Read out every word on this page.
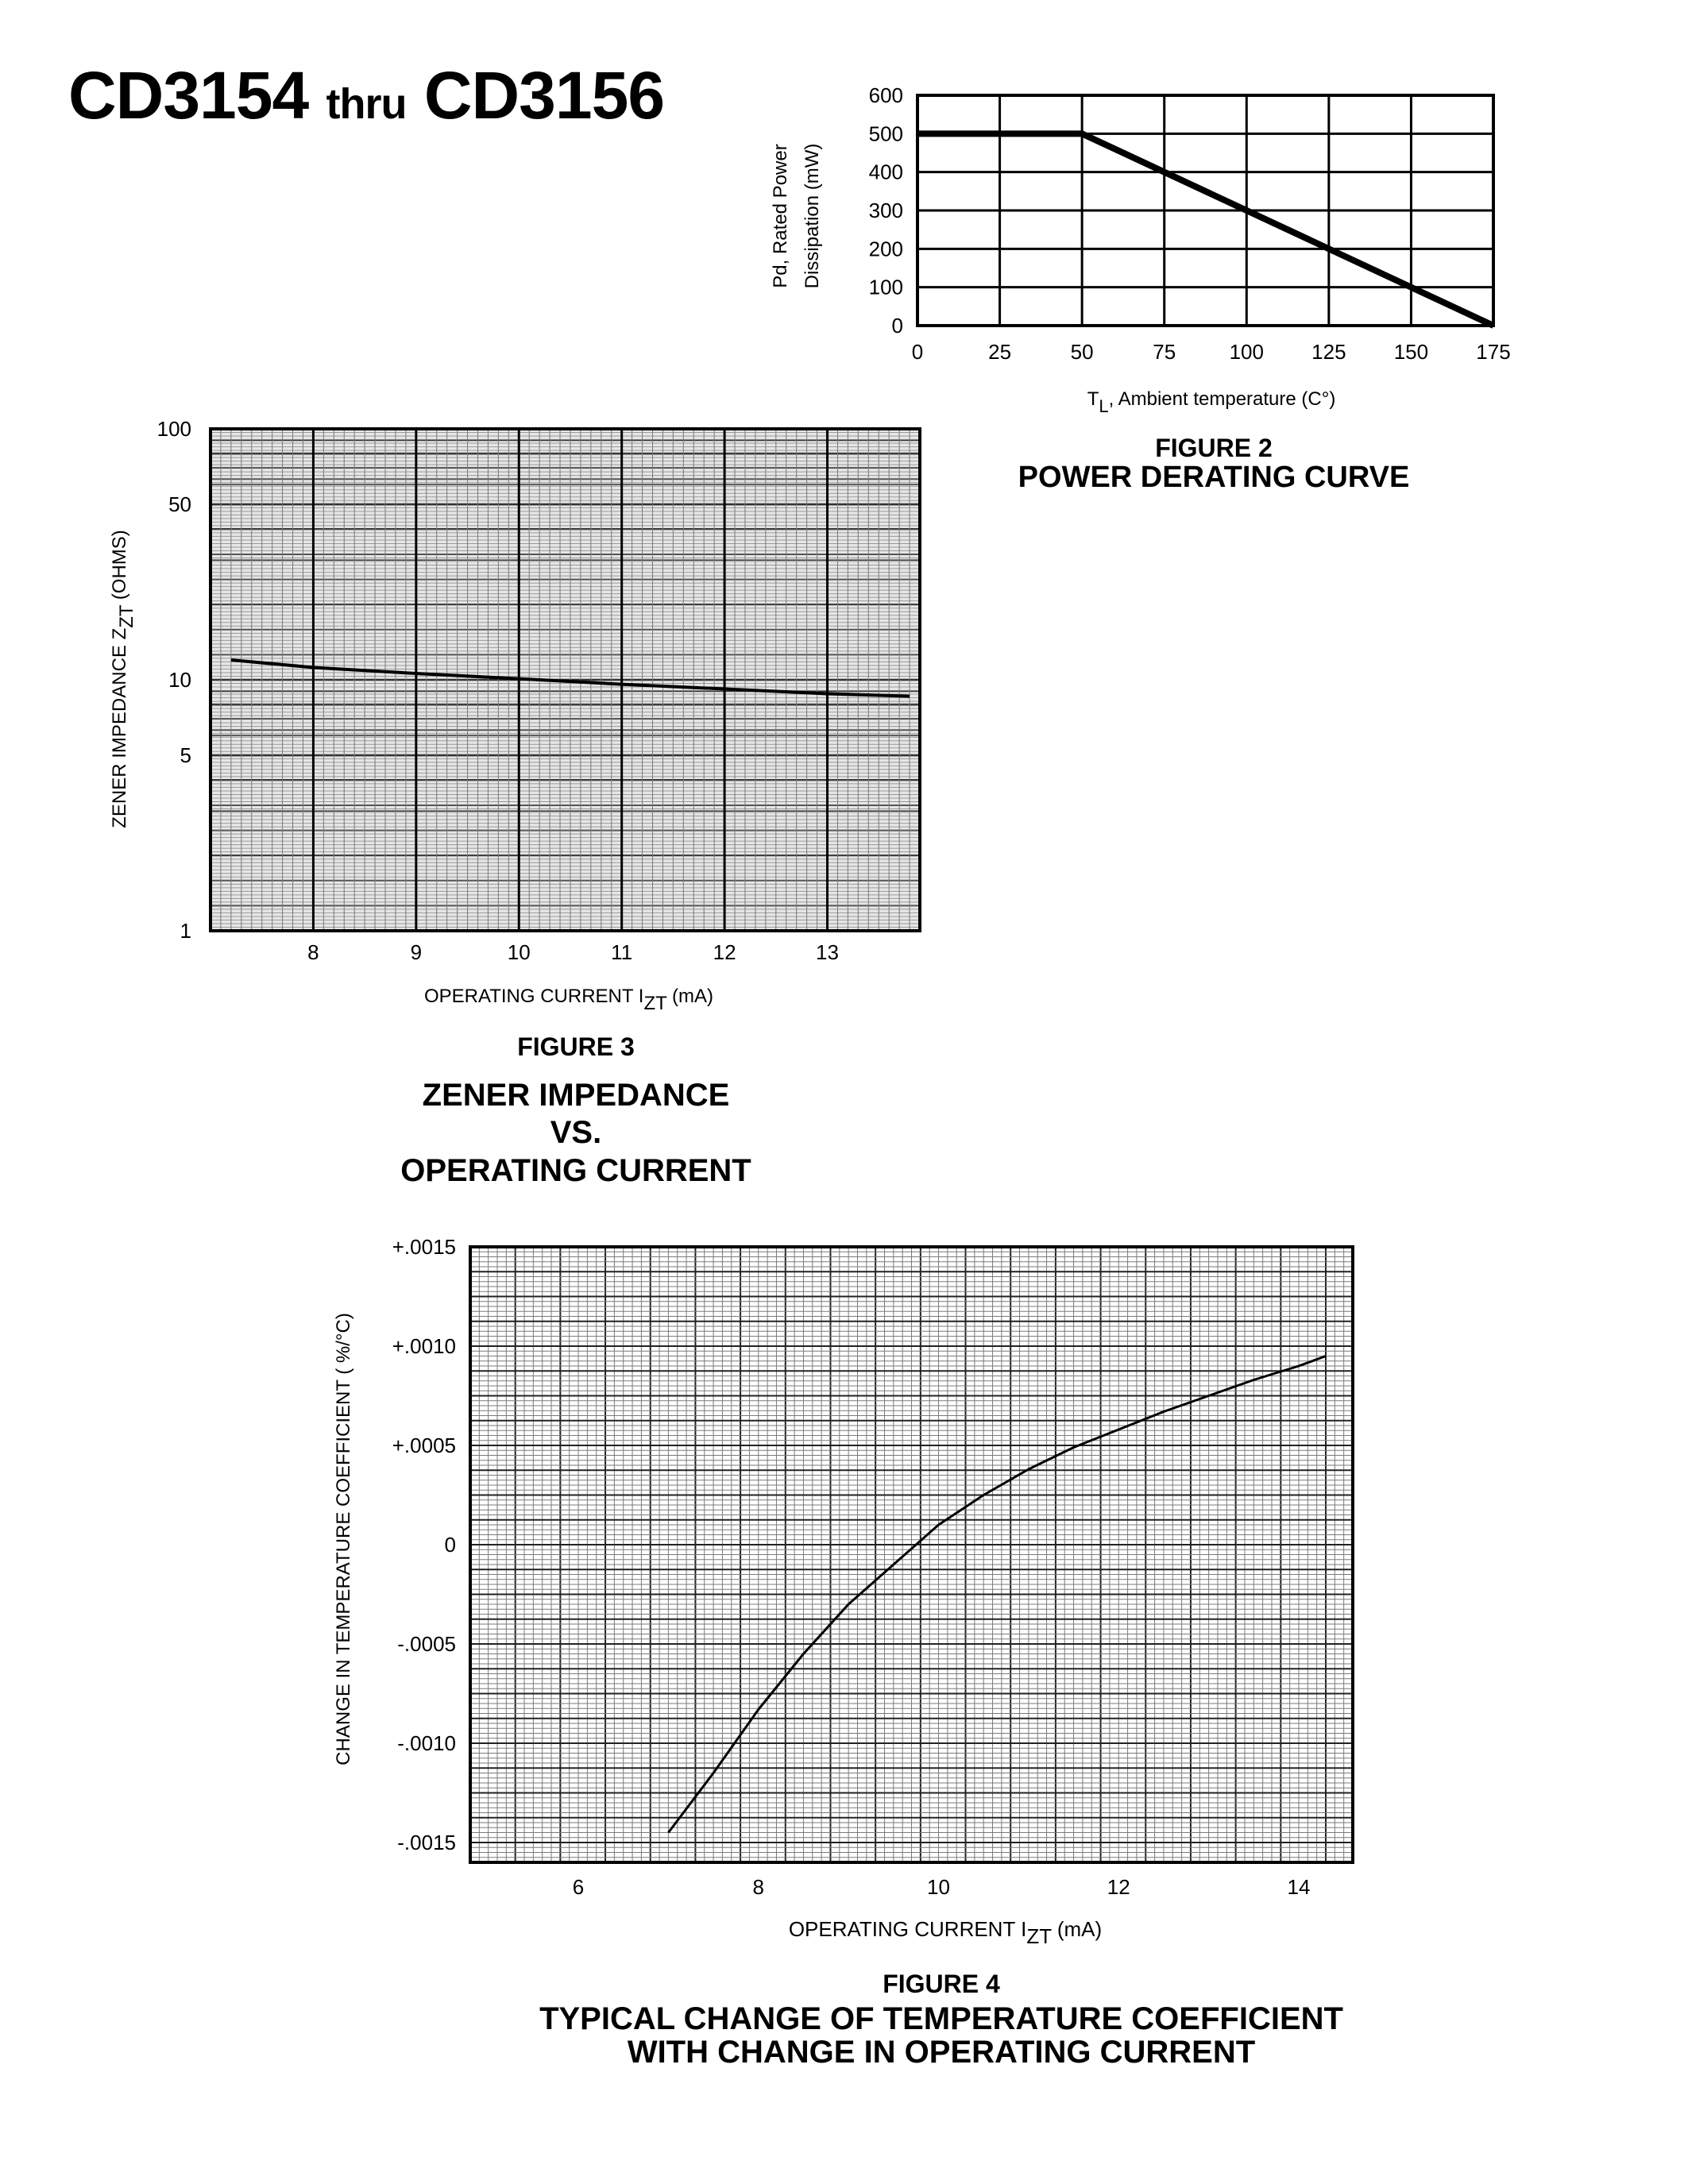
CD3154 thru CD3156
0	25	50	75	100 125 150 175
0
100
200
300
400
500
600
Pd, Rated Power Dissipation (mW)
TL, Ambient temperature (C°)
FIGURE 2
POWER DERATING CURVE
8	9	10	11	12	13
1
5
10
50
100
ZENER IMPEDANCE ZZT (OHMS)
OPERATING CURRENT IZT (mA)
FIGURE 3
ZENER IMPEDANCE
VS.
OPERATING CURRENT
6	8	10	12	14
+.0015
+.0010
+.0005
0
-.0005
-.0010
-.0015
CHANGE IN TEMPERATURE COEFFICIENT ( %/°C)
OPERATING CURRENT IZT (mA)
FIGURE 4
TYPICAL CHANGE OF TEMPERATURE COEFFICIENT
WITH CHANGE IN OPERATING CURRENT
